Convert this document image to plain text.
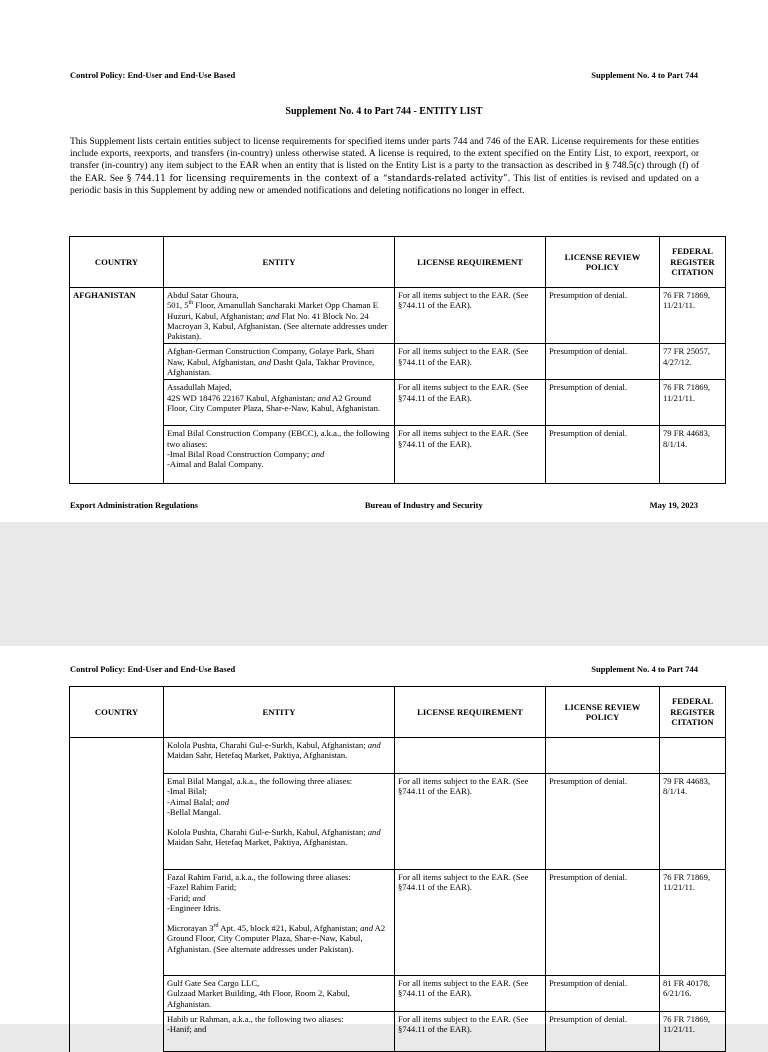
Control Policy: End-User and End-Use Based	Supplement No. 4 to Part 744
Supplement No. 4 to Part 744 - ENTITY LIST
This Supplement lists certain entities subject to license requirements for specified items under parts 744 and 746 of the EAR. License requirements for these entities include exports, reexports, and transfers (in-country) unless otherwise stated. A license is required, to the extent specified on the Entity List, to export, reexport, or transfer (in-country) any item subject to the EAR when an entity that is listed on the Entity List is a party to the transaction as described in § 748.5(c) through (f) of the EAR. See § 744.11 for licensing requirements in the context of a “standards-related activity”. This list of entities is revised and updated on a periodic basis in this Supplement by adding new or amended notifications and deleting notifications no longer in effect.
COUNTRY	ENTITY	LICENSE REQUIREMENT	LICENSE REVIEW POLICY	FEDERAL REGISTER CITATION
AFGHANISTAN	Abdul Satar Ghoura,
501, 5th Floor, Amanullah Sancharaki Market Opp Chaman E Huzuri, Kabul, Afghanistan; and Flat No. 41 Block No. 24 Macroyan 3, Kabul, Afghanistan. (See alternate addresses under Pakistan).	For all items subject to the EAR. (See §744.11 of the EAR).	Presumption of denial.	76 FR 71869, 11/21/11.
	Afghan-German Construction Company, Golaye Park, Shari Naw, Kabul, Afghanistan, and Dasht Qala, Takhar Province, Afghanistan.	For all items subject to the EAR. (See §744.11 of the EAR).	Presumption of denial.	77 FR 25057, 4/27/12.

	Assadullah Majed,
42S WD 18476 22167 Kabul, Afghanistan; and A2 Ground Floor, City Computer Plaza, Shar-e-Naw, Kabul, Afghanistan.	For all items subject to the EAR. (See §744.11 of the EAR).	Presumption of denial.	76 FR 71869, 11/21/11.

	Emal Bilal Construction Company (EBCC), a.k.a., the following two aliases:
-Imal Bilal Road Construction Company; and
-Aimal and Balal Company.	For all items subject to the EAR. (See §744.11 of the EAR).	Presumption of denial.	79 FR 44683, 8/1/14.
Export Administration Regulations	Bureau of Industry and Security	May 19, 2023
Control Policy: End-User and End-Use Based	Supplement No. 4 to Part 744
COUNTRY	ENTITY	LICENSE REQUIREMENT	LICENSE REVIEW POLICY	FEDERAL REGISTER CITATION
	Kolola Pushta, Charahi Gul-e-Surkh, Kabul, Afghanistan; and Maidan Sahr, Hetefaq Market, Paktiya, Afghanistan.			

	Emal Bilal Mangal, a.k.a., the following three aliases:
-Imal Bilal;
-Aimal Balal; and
-Bellal Mangal.
Kolola Pushta, Charahi Gul-e-Surkh, Kabul, Afghanistan; and Maidan Sahr, Hetefaq Market, Paktiya, Afghanistan.	For all items subject to the EAR. (See §744.11 of the EAR).	Presumption of denial.	79 FR 44683, 8/1/14.

	Fazal Rahim Farid, a.k.a., the following three aliases:
-Fazel Rahim Farid;
-Farid; and
-Engineer Idris.
Microrayan 3rd Apt. 45, block #21, Kabul, Afghanistan; and A2 Ground Floor, City Computer Plaza, Shar-e-Naw, Kabul, Afghanistan. (See alternate addresses under Pakistan).	For all items subject to the EAR. (See §744.11 of the EAR).	Presumption of denial.	76 FR 71869, 11/21/11.

	Gulf Gate Sea Cargo LLC,
Gulzaad Market Building, 4th Floor, Room 2, Kabul, Afghanistan.	For all items subject to the EAR. (See §744.11 of the EAR).	Presumption of denial.	81 FR 40178, 6/21/16.

	Habib ur Rahman, a.k.a., the following two aliases:
-Hanif; and	For all items subject to the EAR. (See §744.11 of the EAR).	Presumption of denial.	76 FR 71869, 11/21/11.
